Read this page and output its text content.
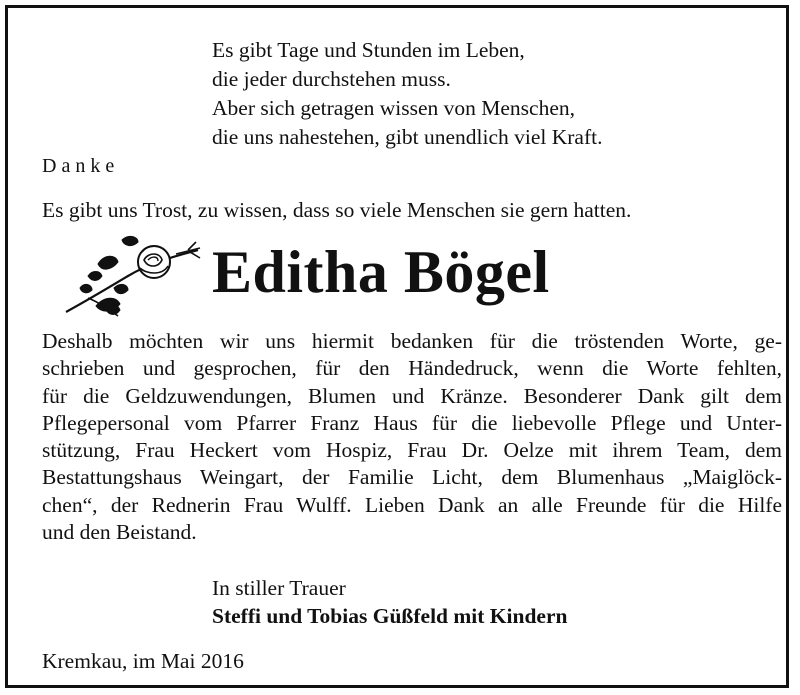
Es gibt Tage und Stunden im Leben,
die jeder durchstehen muss.
Aber sich getragen wissen von Menschen,
die uns nahestehen, gibt unendlich viel Kraft.
Danke
Es gibt uns Trost, zu wissen, dass so viele Menschen sie gern hatten.
Editha Bögel
Deshalb möchten wir uns hiermit bedanken für die tröstenden Worte, ge-
schrieben und gesprochen, für den Händedruck, wenn die Worte fehlten,
für die Geldzuwendungen, Blumen und Kränze. Besonderer Dank gilt dem
Pflegepersonal vom Pfarrer Franz Haus für die liebevolle Pflege und Unter-
stützung, Frau Heckert vom Hospiz, Frau Dr. Oelze mit ihrem Team, dem
Bestattungshaus Weingart, der Familie Licht, dem Blumenhaus „Maiglöck-
chen“, der Rednerin Frau Wulff. Lieben Dank an alle Freunde für die Hilfe
und den Beistand.
In stiller Trauer
Steffi und Tobias Güßfeld mit Kindern
Kremkau, im Mai 2016
